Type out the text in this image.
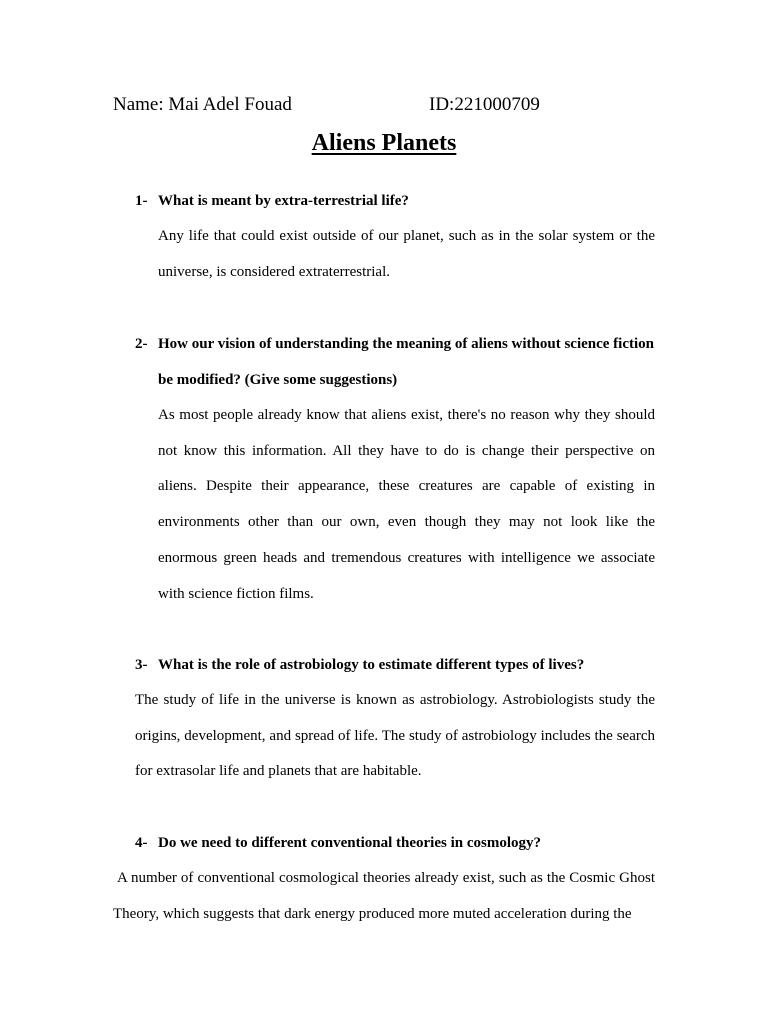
Name: Mai Adel Fouad	ID:221000709
Aliens Planets
1- What is meant by extra-terrestrial life?
Any life that could exist outside of our planet, such as in the solar system or the universe, is considered extraterrestrial.
2- How our vision of understanding the meaning of aliens without science fiction be modified? (Give some suggestions)
As most people already know that aliens exist, there's no reason why they should not know this information. All they have to do is change their perspective on aliens. Despite their appearance, these creatures are capable of existing in environments other than our own, even though they may not look like the enormous green heads and tremendous creatures with intelligence we associate with science fiction films.
3- What is the role of astrobiology to estimate different types of lives?
The study of life in the universe is known as astrobiology. Astrobiologists study the origins, development, and spread of life. The study of astrobiology includes the search for extrasolar life and planets that are habitable.
4- Do we need to different conventional theories in cosmology?
A number of conventional cosmological theories already exist, such as the Cosmic Ghost Theory, which suggests that dark energy produced more muted acceleration during the
